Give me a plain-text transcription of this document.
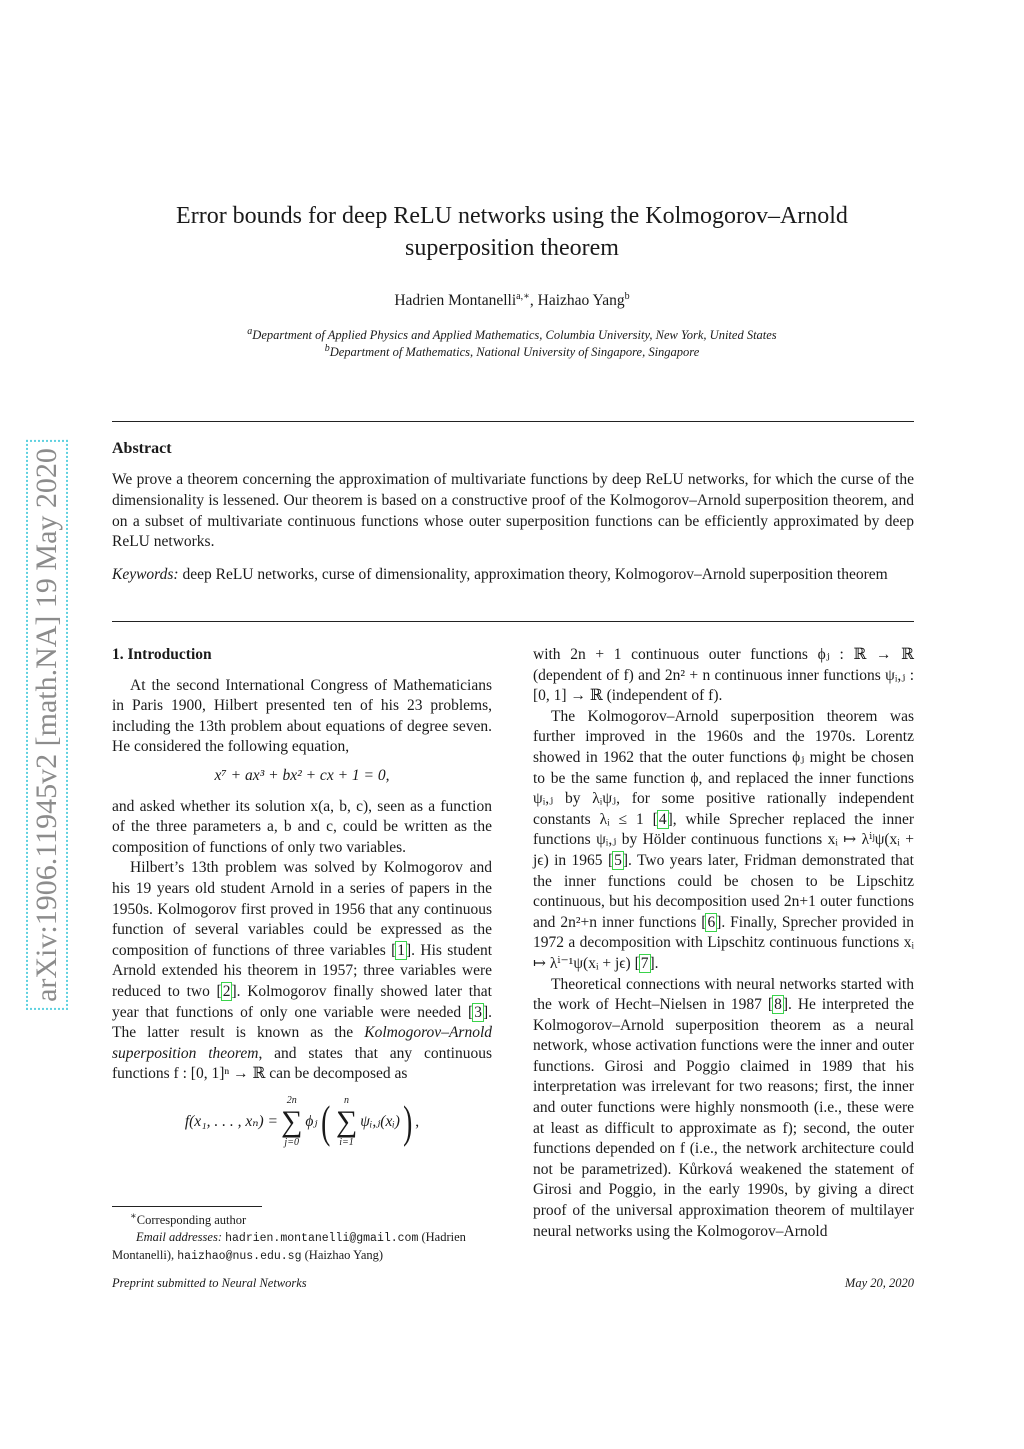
arXiv:1906.11945v2 [math.NA] 19 May 2020
Error bounds for deep ReLU networks using the Kolmogorov–Arnold
superposition theorem
Hadrien Montanelli$^{a,∗}$, Haizhao Yang$^b$
$^a$Department of Applied Physics and Applied Mathematics, Columbia University, New York, United States
$^b$Department of Mathematics, National University of Singapore, Singapore
Abstract
We prove a theorem concerning the approximation of multivariate functions by deep ReLU networks, for which the curse of the dimensionality is lessened. Our theorem is based on a constructive proof of the Kolmogorov–Arnold superposition theorem, and on a subset of multivariate continuous functions whose outer superposition functions can be efficiently approximated by deep ReLU networks.
Keywords: deep ReLU networks, curse of dimensionality, approximation theory, Kolmogorov–Arnold superposition theorem
1. Introduction

At the second International Congress of Mathematicians in Paris 1900, Hilbert presented ten of his 23 problems, including the 13th problem about equations of degree seven. He considered the following equation,

x⁷ + ax³ + bx² + cx + 1 = 0,

and asked whether its solution x(a, b, c), seen as a function of the three parameters a, b and c, could be written as the composition of functions of only two variables.

Hilbert’s 13th problem was solved by Kolmogorov and his 19 years old student Arnold in a series of papers in the 1950s. Kolmogorov first proved in 1956 that any continuous function of several variables could be expressed as the composition of functions of three variables [1]. His student Arnold extended his theorem in 1957; three variables were reduced to two [2]. Kolmogorov finally showed later that year that functions of only one variable were needed [3]. The latter result is known as the Kolmogorov–Arnold superposition theorem, and states that any continuous functions f : [0, 1]ⁿ → ℝ can be decomposed as

f(x₁, . . . , xₙ) =
2n
∑
j=0
ϕⱼ ( n
∑
i=1
ψᵢ,ⱼ(xᵢ) ) ,

with 2n + 1 continuous outer functions ϕⱼ : ℝ → ℝ (dependent of f) and 2n² + n continuous inner functions ψᵢ,ⱼ : [0, 1] → ℝ (independent of f).

The Kolmogorov–Arnold superposition theorem was further improved in the 1960s and the 1970s. Lorentz showed in 1962 that the outer functions ϕⱼ might be chosen to be the same function ϕ, and replaced the inner functions ψᵢ,ⱼ by λᵢψⱼ, for some positive rationally independent constants λᵢ ≤ 1 [4], while Sprecher replaced the inner functions ψᵢ,ⱼ by Hölder continuous functions xᵢ ↦ λⁱʲψ(xᵢ + jϵ) in 1965 [5]. Two years later, Fridman demonstrated that the inner functions could be chosen to be Lipschitz continuous, but his decomposition used 2n+1 outer functions and 2n²+n inner functions [6]. Finally, Sprecher provided in 1972 a decomposition with Lipschitz continuous functions xᵢ ↦ λⁱ⁻¹ψ(xᵢ + jϵ) [7].

Theoretical connections with neural networks started with the work of Hecht–Nielsen in 1987 [8]. He interpreted the Kolmogorov–Arnold superposition theorem as a neural network, whose activation functions were the inner and outer functions. Girosi and Poggio claimed in 1989 that his interpretation was irrelevant for two reasons; first, the inner and outer functions were highly nonsmooth (i.e., these were at least as difficult to approximate as f); second, the outer functions depended on f (i.e., the network architecture could not be parametrized). Kůrková weakened the statement of Girosi and Poggio, in the early 1990s, by giving a direct proof of the universal approximation theorem of multilayer neural networks using the Kolmogorov–Arnold

∗Corresponding author
Email addresses: hadrien.montanelli@gmail.com (Hadrien Montanelli), haizhao@nus.edu.sg (Haizhao Yang)
Preprint submitted to Neural Networks	May 20, 2020
